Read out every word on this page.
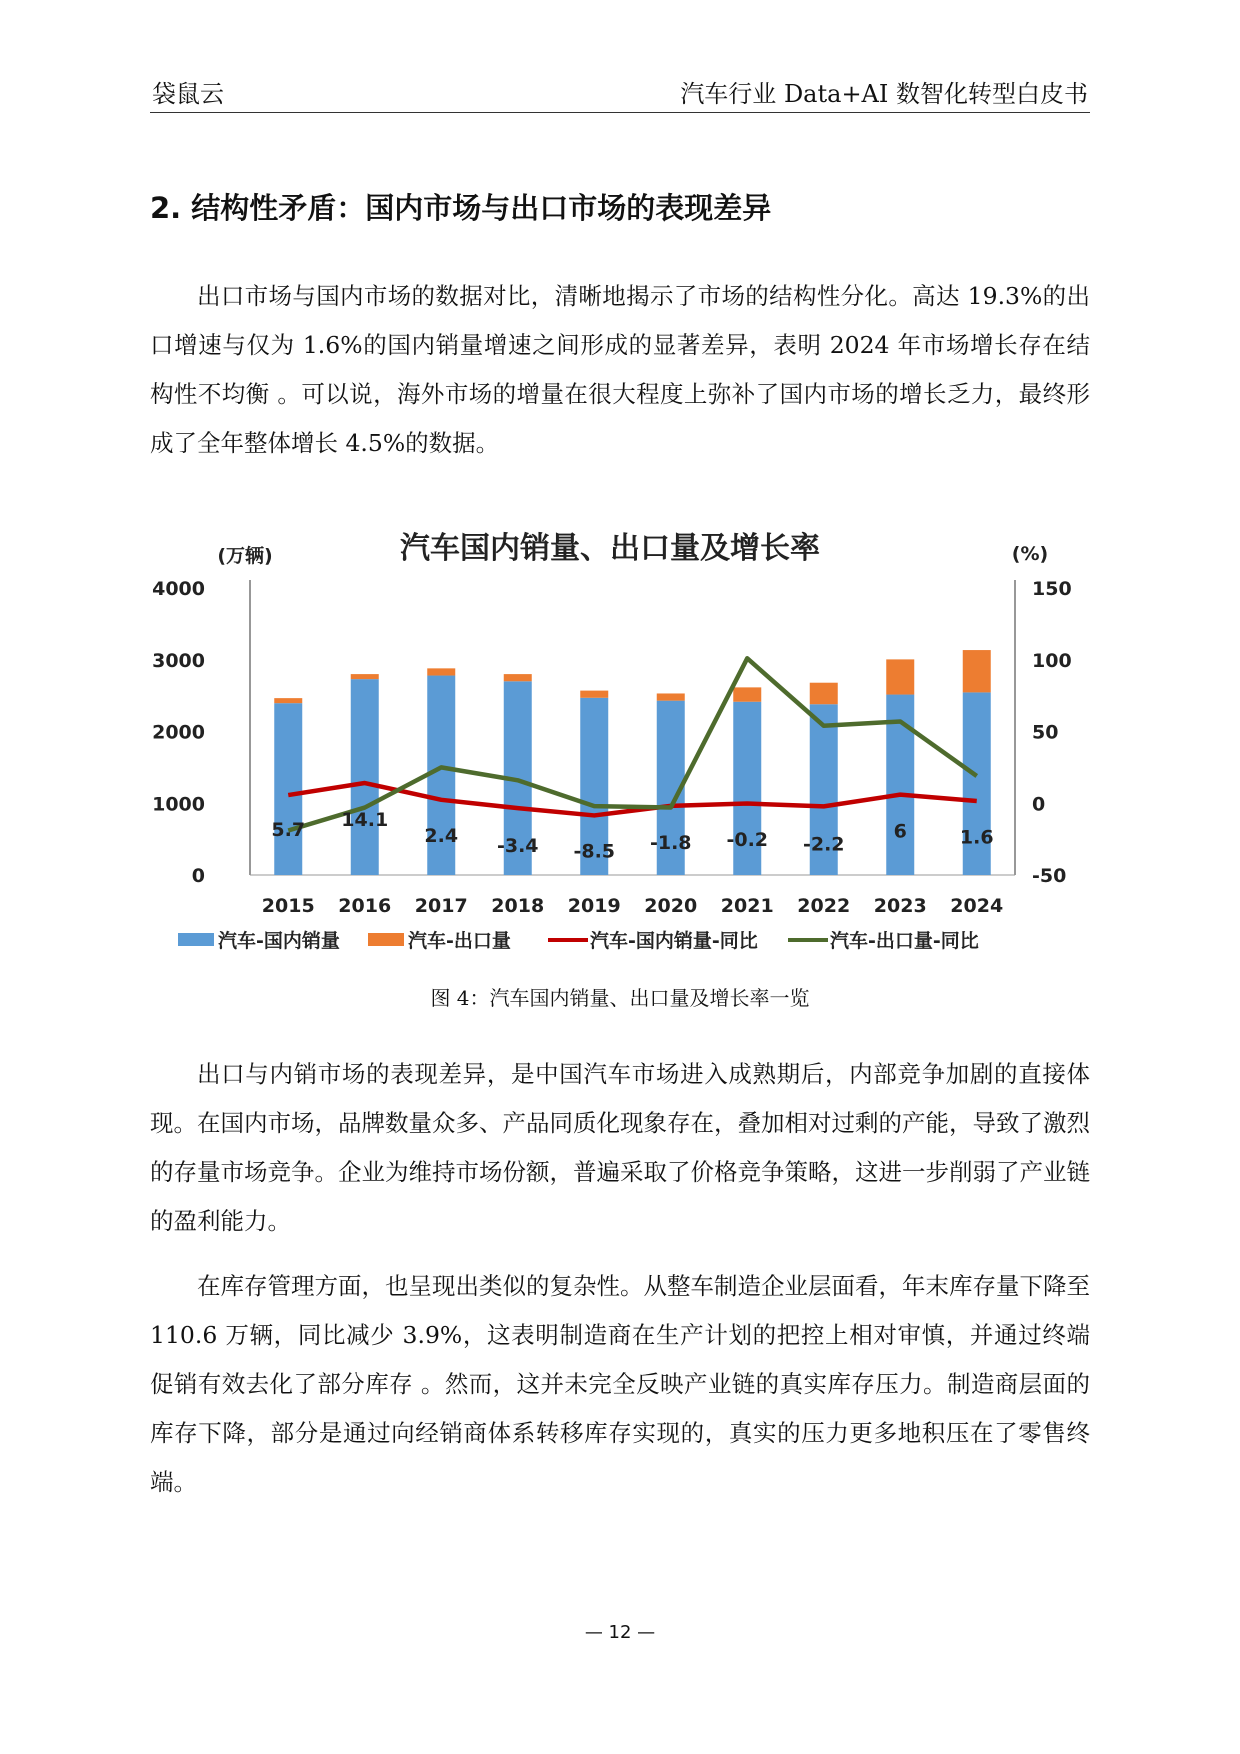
袋鼠云	汽车行业 Data+AI 数智化转型白皮书
2. 结构性矛盾：国内市场与出口市场的表现差异

出口市场与国内市场的数据对比，清晰地揭示了市场的结构性分化。高达 19.3%的出口增速与仅为 1.6%的国内销量增速之间形成的显著差异，表明 2024 年市场增长存在结构性不均衡 。可以说，海外市场的增量在很大程度上弥补了国内市场的增长乏力，最终形成了全年整体增长 4.5%的数据。

汽车国内销量、出口量及增长率
(万辆)	(%)
0
1000
2000
3000
4000
-50
0
50
100
150
2015 2016 2017 2018 2019 2020 2021 2022 2023 2024
5.7 14.1
2.4 -3.4 -8.5 -1.8 -0.2 -2.2
6	1.6
汽车-国内销量	汽车-出口量	汽车-国内销量-同比	汽车-出口量-同比
图 4：汽车国内销量、出口量及增长率一览

出口与内销市场的表现差异，是中国汽车市场进入成熟期后，内部竞争加剧的直接体现。在国内市场，品牌数量众多、产品同质化现象存在，叠加相对过剩的产能，导致了激烈的存量市场竞争。企业为维持市场份额，普遍采取了价格竞争策略，这进一步削弱了产业链的盈利能力。

在库存管理方面，也呈现出类似的复杂性。从整车制造企业层面看，年末库存量下降至 110.6 万辆，同比减少 3.9%，这表明制造商在生产计划的把控上相对审慎，并通过终端促销有效去化了部分库存 。然而，这并未完全反映产业链的真实库存压力。制造商层面的库存下降，部分是通过向经销商体系转移库存实现的，真实的压力更多地积压在了零售终端。

— 12 —
